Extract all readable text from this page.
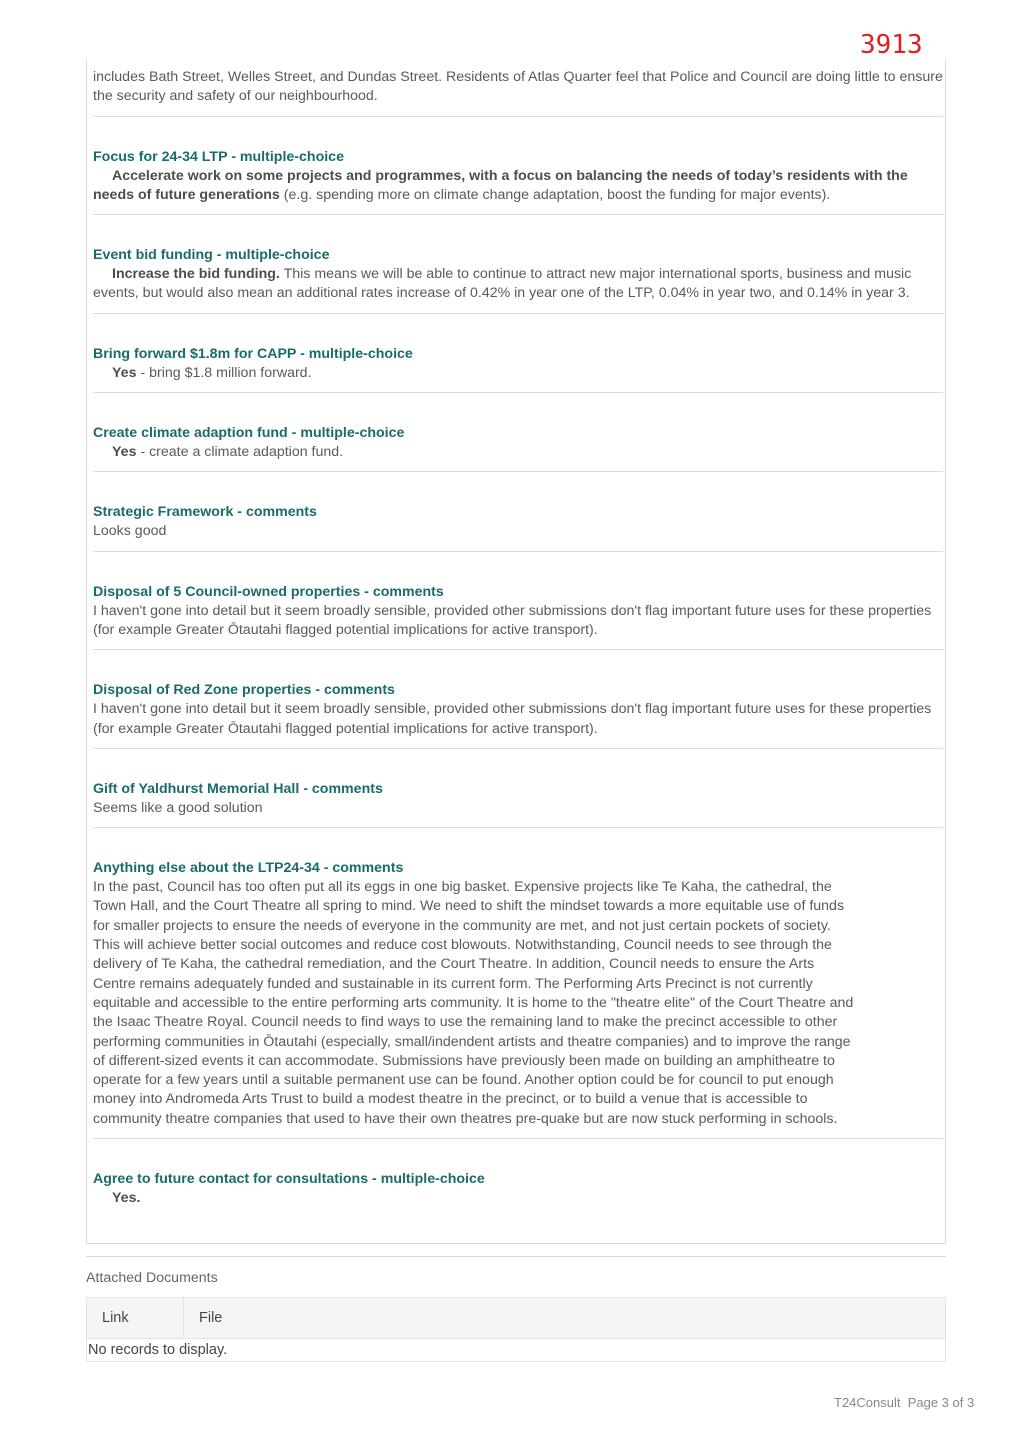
3913

includes Bath Street, Welles Street, and Dundas Street. Residents of Atlas Quarter feel that Police and Council are doing little to ensure the security and safety of our neighbourhood.

Focus for 24-34 LTP - multiple-choice

Accelerate work on some projects and programmes, with a focus on balancing the needs of today’s residents with the needs of future generations (e.g. spending more on climate change adaptation, boost the funding for major events).

Event bid funding - multiple-choice

Increase the bid funding. This means we will be able to continue to attract new major international sports, business and music events, but would also mean an additional rates increase of 0.42% in year one of the LTP, 0.04% in year two, and 0.14% in year 3.

Bring forward $1.8m for CAPP - multiple-choice

Yes - bring $1.8 million forward.

Create climate adaption fund - multiple-choice

Yes - create a climate adaption fund.

Strategic Framework - comments

Looks good

Disposal of 5 Council-owned properties - comments

I haven't gone into detail but it seem broadly sensible, provided other submissions don't flag important future uses for these properties (for example Greater Ōtautahi flagged potential implications for active transport).

Disposal of Red Zone properties - comments

I haven't gone into detail but it seem broadly sensible, provided other submissions don't flag important future uses for these properties (for example Greater Ōtautahi flagged potential implications for active transport).

Gift of Yaldhurst Memorial Hall - comments

Seems like a good solution

Anything else about the LTP24-34 - comments

In the past, Council has too often put all its eggs in one big basket. Expensive projects like Te Kaha, the cathedral, the Town Hall, and the Court Theatre all spring to mind. We need to shift the mindset towards a more equitable use of funds for smaller projects to ensure the needs of everyone in the community are met, and not just certain pockets of society. This will achieve better social outcomes and reduce cost blowouts. Notwithstanding, Council needs to see through the delivery of Te Kaha, the cathedral remediation, and the Court Theatre. In addition, Council needs to ensure the Arts Centre remains adequately funded and sustainable in its current form. The Performing Arts Precinct is not currently equitable and accessible to the entire performing arts community. It is home to the "theatre elite" of the Court Theatre and the Isaac Theatre Royal. Council needs to find ways to use the remaining land to make the precinct accessible to other performing communities in Ōtautahi (especially, small/indendent artists and theatre companies) and to improve the range of different-sized events it can accommodate. Submissions have previously been made on building an amphitheatre to operate for a few years until a suitable permanent use can be found. Another option could be for council to put enough money into Andromeda Arts Trust to build a modest theatre in the precinct, or to build a venue that is accessible to community theatre companies that used to have their own theatres pre-quake but are now stuck performing in schools.

Agree to future contact for consultations - multiple-choice

Yes.

Attached Documents
Link	File
No records to display.
T24Consult  Page 3 of 3
